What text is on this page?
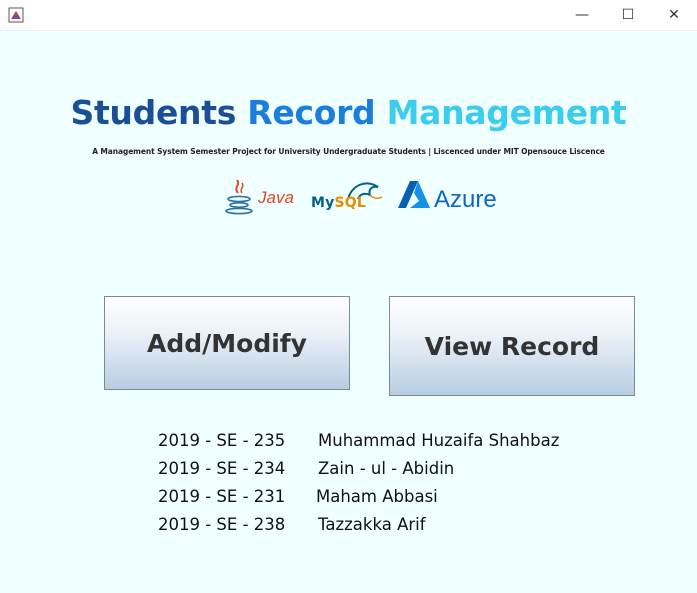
—	☐	✕
Students Record Management
A Management System Semester Project for University Undergraduate Students | Liscenced under MIT Opensouce Liscence
Java MySQL	Azure
Add/Modify	View Record
2019 - SE - 235 Muhammad Huzaifa Shahbaz
2019 - SE - 234 Zain - ul - Abidin
2019 - SE - 231 Maham Abbasi
2019 - SE - 238 Tazzakka Arif
